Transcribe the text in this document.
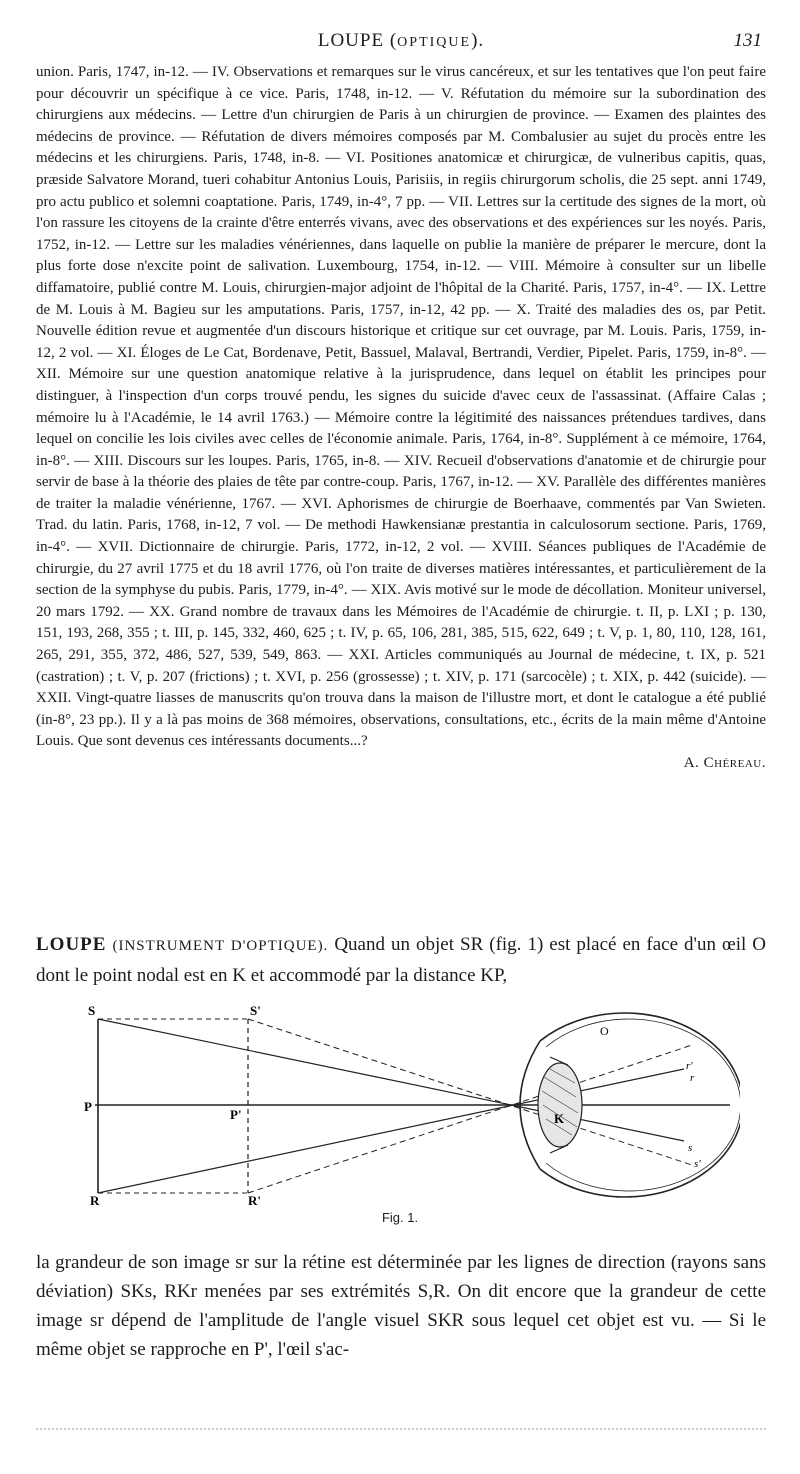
LOUPE (OPTIQUE).	131

union. Paris, 1747, in-12. — IV. Observations et remarques sur le virus cancéreux, et sur les tentatives que l'on peut faire pour découvrir un spécifique à ce vice. Paris, 1748, in-12. — V. Réfutation du mémoire sur la subordination des chirurgiens aux médecins. — Lettre d'un chirurgien de Paris à un chirurgien de province. — Examen des plaintes des médecins de province. — Réfutation de divers mémoires composés par M. Combalusier au sujet du procès entre les médecins et les chirurgiens. Paris, 1748, in-8. — VI. Positiones anatomicæ et chirurgicæ, de vulneribus capitis, quas, præside Salvatore Morand, tueri cohabitur Antonius Louis, Parisiis, in regiis chirurgorum scholis, die 25 sept. anni 1749, pro actu publico et solemni coaptatione. Paris, 1749, in-4°, 7 pp. — VII. Lettres sur la certitude des signes de la mort, où l'on rassure les citoyens de la crainte d'être enterrés vivans, avec des observations et des expériences sur les noyés. Paris, 1752, in-12. — Lettre sur les maladies vénériennes, dans laquelle on publie la manière de préparer le mercure, dont la plus forte dose n'excite point de salivation. Luxembourg, 1754, in-12. — VIII. Mémoire à consulter sur un libelle diffamatoire, publié contre M. Louis, chirurgien-major adjoint de l'hôpital de la Charité. Paris, 1757, in-4°. — IX. Lettre de M. Louis à M. Bagieu sur les amputations. Paris, 1757, in-12, 42 pp. — X. Traité des maladies des os, par Petit. Nouvelle édition revue et augmentée d'un discours historique et critique sur cet ouvrage, par M. Louis. Paris, 1759, in-12, 2 vol. — XI. Éloges de Le Cat, Bordenave, Petit, Bassuel, Malaval, Bertrandi, Verdier, Pipelet. Paris, 1759, in-8°. — XII. Mémoire sur une question anatomique relative à la jurisprudence, dans lequel on établit les principes pour distinguer, à l'inspection d'un corps trouvé pendu, les signes du suicide d'avec ceux de l'assassinat. (Affaire Calas ; mémoire lu à l'Académie, le 14 avril 1763.) — Mémoire contre la légitimité des naissances prétendues tardives, dans lequel on concilie les lois civiles avec celles de l'économie animale. Paris, 1764, in-8°. Supplément à ce mémoire, 1764, in-8°. — XIII. Discours sur les loupes. Paris, 1765, in-8. — XIV. Recueil d'observations d'anatomie et de chirurgie pour servir de base à la théorie des plaies de tête par contre-coup. Paris, 1767, in-12. — XV. Parallèle des différentes manières de traiter la maladie vénérienne, 1767. — XVI. Aphorismes de chirurgie de Boerhaave, commentés par Van Swieten. Trad. du latin. Paris, 1768, in-12, 7 vol. — De methodi Hawkensianæ prestantia in calculosorum sectione. Paris, 1769, in-4°. — XVII. Dictionnaire de chirurgie. Paris, 1772, in-12, 2 vol. — XVIII. Séances publiques de l'Académie de chirurgie, du 27 avril 1775 et du 18 avril 1776, où l'on traite de diverses matières intéressantes, et particulièrement de la section de la symphyse du pubis. Paris, 1779, in-4°. — XIX. Avis motivé sur le mode de décollation. Moniteur universel, 20 mars 1792. — XX. Grand nombre de travaux dans les Mémoires de l'Académie de chirurgie. t. II, p. LXI ; p. 130, 151, 193, 268, 355 ; t. III, p. 145, 332, 460, 625 ; t. IV, p. 65, 106, 281, 385, 515, 622, 649 ; t. V, p. 1, 80, 110, 128, 161, 265, 291, 355, 372, 486, 527, 539, 549, 863. — XXI. Articles communiqués au Journal de médecine, t. IX, p. 521 (castration) ; t. V, p. 207 (frictions) ; t. XVI, p. 256 (grossesse) ; t. XIV, p. 171 (sarcocèle) ; t. XIX, p. 442 (suicide). — XXII. Vingt-quatre liasses de manuscrits qu'on trouva dans la maison de l'illustre mort, et dont le catalogue a été publié (in-8°, 23 pp.). Il y a là pas moins de 368 mémoires, observations, consultations, etc., écrits de la main même d'Antoine Louis. Que sont devenus ces intéressants documents...?

A. Chéreau.

LOUPE (INSTRUMENT D'OPTIQUE). Quand un objet SR (fig. 1) est placé en face d'un œil O dont le point nodal est en K et accommodé par la distance KP,

S	S'
P
P'
R	R'
O
K
r'
r
s
s'
Fig. 1.

la grandeur de son image sr sur la rétine est déterminée par les lignes de direction (rayons sans déviation) SKs, RKr menées par ses extrémités S,R. On dit encore que la grandeur de cette image sr dépend de l'amplitude de l'angle visuel SKR sous lequel cet objet est vu. — Si le même objet se rapproche en P', l'œil s'ac-
